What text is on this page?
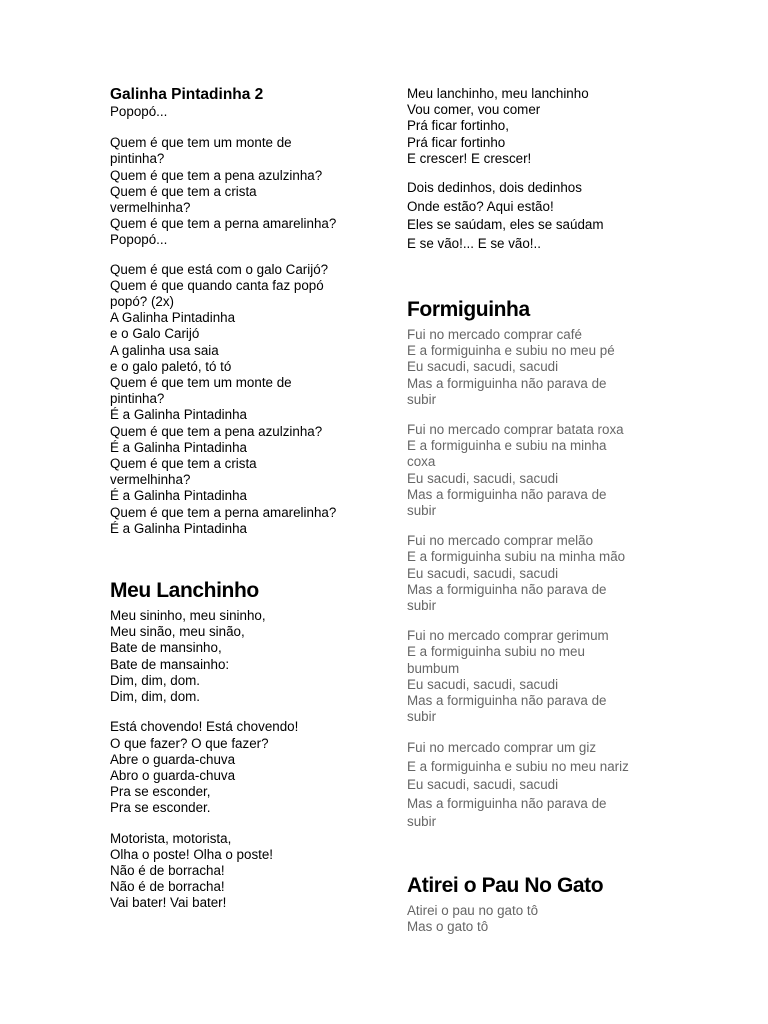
Galinha Pintadinha 2
Popopó...
Quem é que tem um monte de
pintinha?
Quem é que tem a pena azulzinha?
Quem é que tem a crista
vermelhinha?
Quem é que tem a perna amarelinha?
Popopó...
Quem é que está com o galo Carijó?
Quem é que quando canta faz popó
popó? (2x)
A Galinha Pintadinha
e o Galo Carijó
A galinha usa saia
e o galo paletó, tó tó
Quem é que tem um monte de
pintinha?
É a Galinha Pintadinha
Quem é que tem a pena azulzinha?
É a Galinha Pintadinha
Quem é que tem a crista
vermelhinha?
É a Galinha Pintadinha
Quem é que tem a perna amarelinha?
É a Galinha Pintadinha
Meu Lanchinho
Meu sininho, meu sininho,
Meu sinão, meu sinão,
Bate de mansinho,
Bate de mansainho:
Dim, dim, dom.
Dim, dim, dom.
Está chovendo! Está chovendo!
O que fazer? O que fazer?
Abre o guarda-chuva
Abro o guarda-chuva
Pra se esconder,
Pra se esconder.
Motorista, motorista,
Olha o poste! Olha o poste!
Não é de borracha!
Não é de borracha!
Vai bater! Vai bater!
Meu lanchinho, meu lanchinho
Vou comer, vou comer
Prá ficar fortinho,
Prá ficar fortinho
E crescer! E crescer!
Dois dedinhos, dois dedinhos
Onde estão? Aqui estão!
Eles se saúdam, eles se saúdam
E se vão!... E se vão!..
Formiguinha
Fui no mercado comprar café
E a formiguinha e subiu no meu pé
Eu sacudi, sacudi, sacudi
Mas a formiguinha não parava de
subir
Fui no mercado comprar batata roxa
E a formiguinha e subiu na minha
coxa
Eu sacudi, sacudi, sacudi
Mas a formiguinha não parava de
subir
Fui no mercado comprar melão
E a formiguinha subiu na minha mão
Eu sacudi, sacudi, sacudi
Mas a formiguinha não parava de
subir
Fui no mercado comprar gerimum
E a formiguinha subiu no meu
bumbum
Eu sacudi, sacudi, sacudi
Mas a formiguinha não parava de
subir
Fui no mercado comprar um giz
E a formiguinha e subiu no meu nariz
Eu sacudi, sacudi, sacudi
Mas a formiguinha não parava de
subir
Atirei o Pau No Gato
Atirei o pau no gato tô
Mas o gato tô
